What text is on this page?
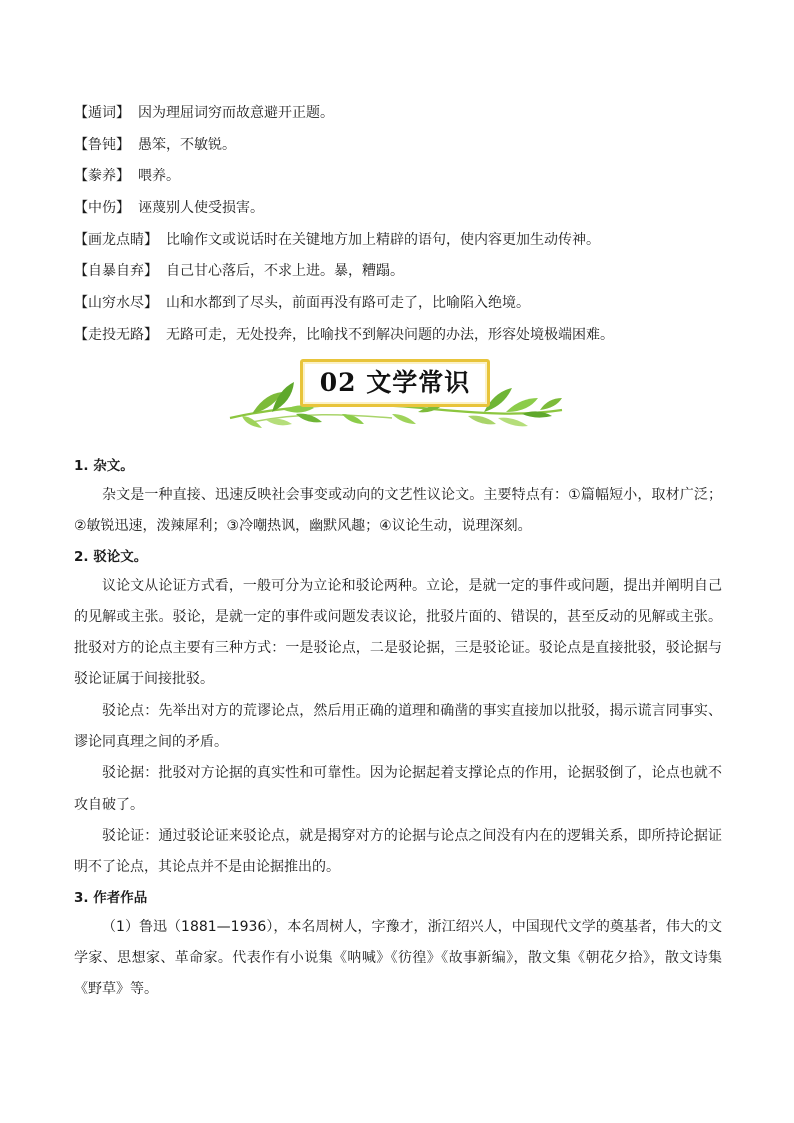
【遁词】 因为理屈词穷而故意避开正题。
【鲁钝】 愚笨，不敏锐。
【豢养】 喂养。
【中伤】 诬蔑别人使受损害。
【画龙点睛】 比喻作文或说话时在关键地方加上精辟的语句，使内容更加生动传神。
【自暴自弃】 自己甘心落后，不求上进。暴，糟蹋。
【山穷水尽】 山和水都到了尽头，前面再没有路可走了，比喻陷入绝境。
【走投无路】 无路可走，无处投奔，比喻找不到解决问题的办法，形容处境极端困难。
02 文学常识
1. 杂文。

杂文是一种直接、迅速反映社会事变或动向的文艺性议论文。主要特点有：①篇幅短小，取材广泛；②敏锐迅速，泼辣犀利；③冷嘲热讽，幽默风趣；④议论生动，说理深刻。

2. 驳论文。

议论文从论证方式看，一般可分为立论和驳论两种。立论，是就一定的事件或问题，提出并阐明自己的见解或主张。驳论，是就一定的事件或问题发表议论，批驳片面的、错误的，甚至反动的见解或主张。批驳对方的论点主要有三种方式：一是驳论点，二是驳论据，三是驳论证。驳论点是直接批驳，驳论据与驳论证属于间接批驳。

驳论点：先举出对方的荒谬论点，然后用正确的道理和确凿的事实直接加以批驳，揭示谎言同事实、谬论同真理之间的矛盾。

驳论据：批驳对方论据的真实性和可靠性。因为论据起着支撑论点的作用，论据驳倒了，论点也就不攻自破了。

驳论证：通过驳论证来驳论点，就是揭穿对方的论据与论点之间没有内在的逻辑关系，即所持论据证明不了论点，其论点并不是由论据推出的。

3. 作者作品

（1）鲁迅（1881—1936），本名周树人，字豫才，浙江绍兴人，中国现代文学的奠基者，伟大的文学家、思想家、革命家。代表作有小说集《呐喊》《彷徨》《故事新编》，散文集《朝花夕拾》，散文诗集《野草》等。
